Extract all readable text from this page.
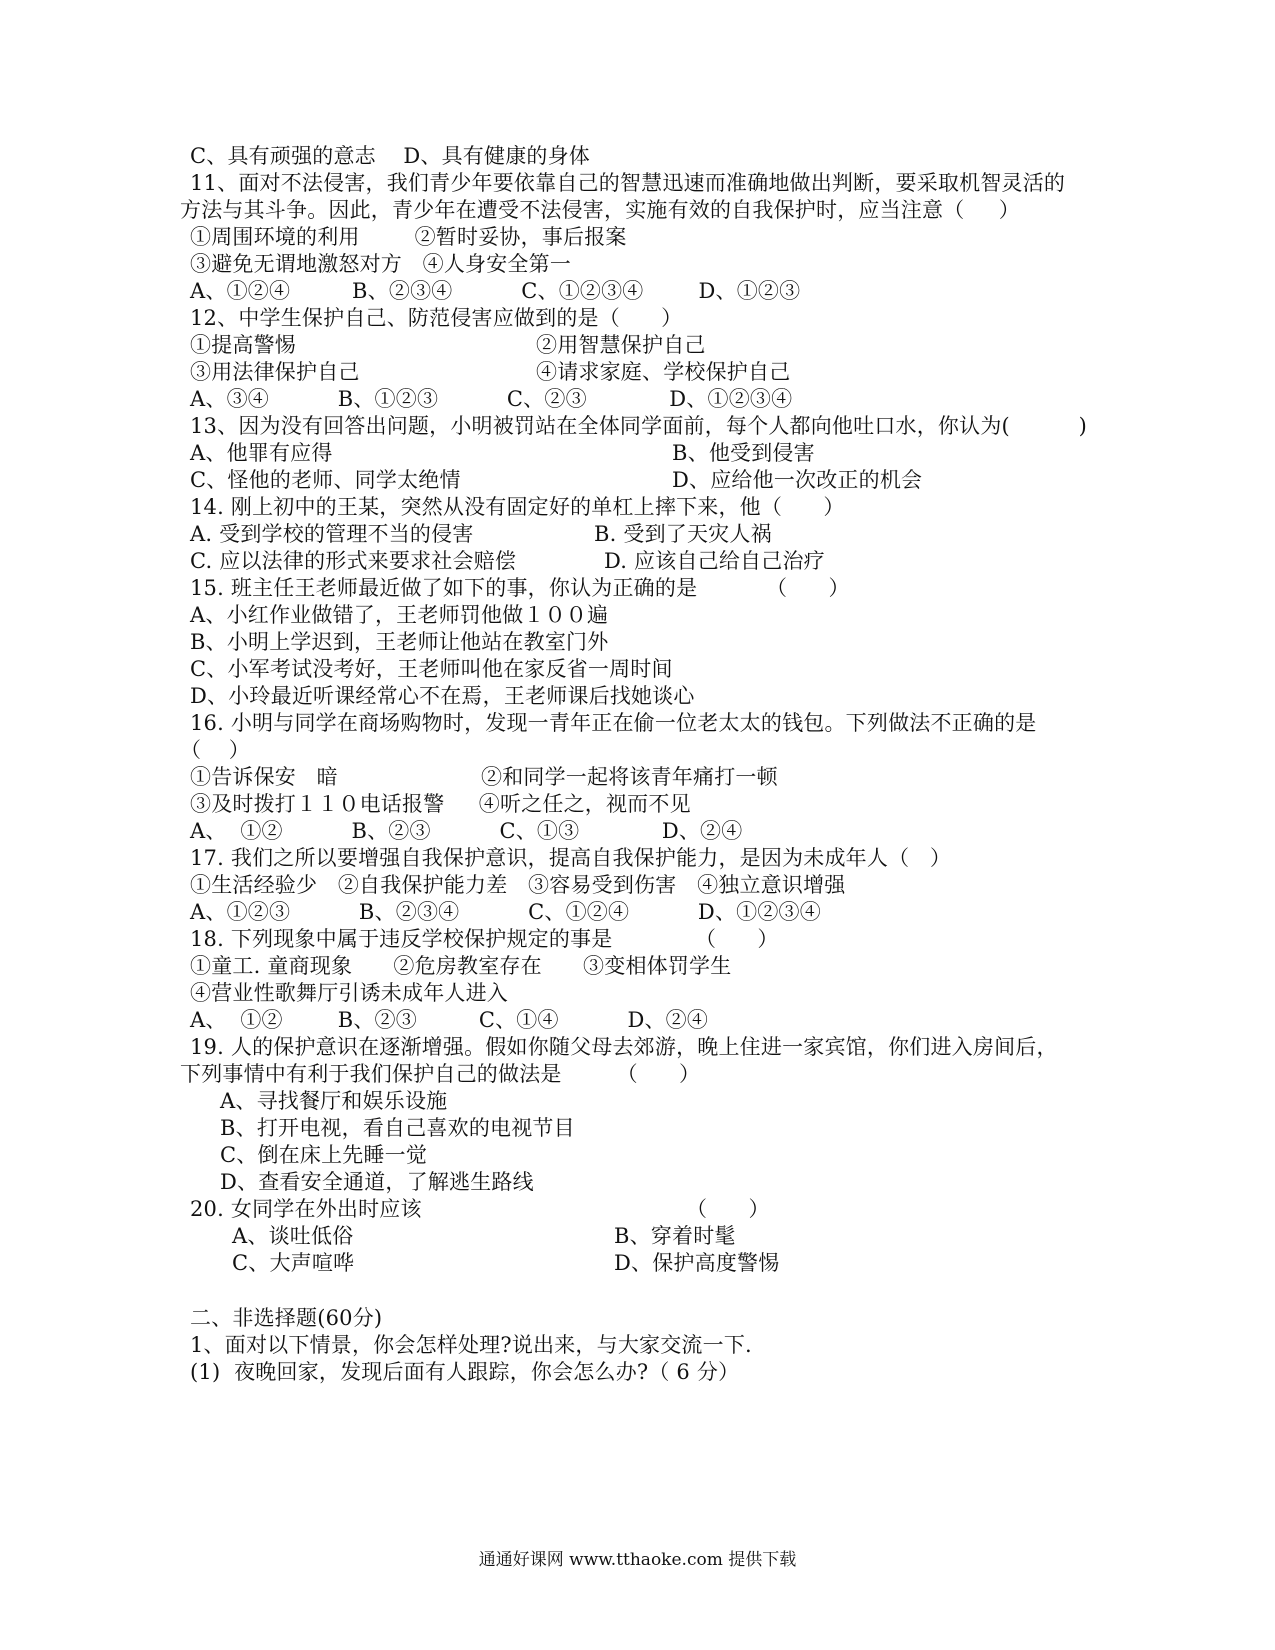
C、具有顽强的意志    D、具有健康的身体
11、面对不法侵害，我们青少年要依靠自己的智慧迅速而准确地做出判断，要采取机智灵活的
方法与其斗争。因此，青少年在遭受不法侵害，实施有效的自我保护时，应当注意（     ）
①周围环境的利用        ②暂时妥协，事后报案
③避免无谓地激怒对方   ④人身安全第一
A、①②④         B、②③④          C、①②③④        D、①②③
12、中学生保护自己、防范侵害应做到的是（      ）
①提高警惕	②用智慧保护自己
③用法律保护自己	④请求家庭、学校保护自己
A、③④          B、①②③          C、②③            D、①②③④
13、因为没有回答出问题，小明被罚站在全体同学面前，每个人都向他吐口水，你认为(          )
A、他罪有应得	B、他受到侵害
C、怪他的老师、同学太绝情	D、应给他一次改正的机会
14. 刚上初中的王某，突然从没有固定好的单杠上摔下来，他（      ）
A. 受到学校的管理不当的侵害	B. 受到了天灾人祸
C. 应以法律的形式来要求社会赔偿	D. 应该自己给自己治疗
15. 班主任王老师最近做了如下的事，你认为正确的是          （      ）
A、小红作业做错了，王老师罚他做１００遍
B、小明上学迟到，王老师让他站在教室门外
C、小军考试没考好，王老师叫他在家反省一周时间
D、小玲最近听课经常心不在焉，王老师课后找她谈心
16. 小明与同学在商场购物时，发现一青年正在偷一位老太太的钱包。下列做法不正确的是
（    ）
①告诉保安   暗	②和同学一起将该青年痛打一顿
③及时拨打１１０电话报警     ④听之任之，视而不见
A、  ①②          B、②③          C、①③            D、②④
17. 我们之所以要增强自我保护意识，提高自我保护能力，是因为未成年人（   ）
①生活经验少   ②自我保护能力差   ③容易受到伤害   ④独立意识增强
A、①②③          B、②③④          C、①②④          D、①②③④
18. 下列现象中属于违反学校保护规定的事是            （      ）
①童工. 童商现象      ②危房教室存在      ③变相体罚学生
④营业性歌舞厅引诱未成年人进入
A、  ①②        B、②③         C、①④          D、②④
19. 人的保护意识在逐渐增强。假如你随父母去郊游，晚上住进一家宾馆，你们进入房间后，
下列事情中有利于我们保护自己的做法是        （      ）
A、寻找餐厅和娱乐设施
B、打开电视，看自己喜欢的电视节目
C、倒在床上先睡一觉
D、查看安全通道，了解逃生路线
20. 女同学在外出时应该	（      ）
A、谈吐低俗	B、穿着时髦
C、大声喧哗	D、保护高度警惕
二、非选择题(60分)
1、面对以下情景，你会怎样处理?说出来，与大家交流一下.
(1)  夜晚回家，发现后面有人跟踪，你会怎么办?（ 6 分）
通通好课网 www.tthaoke.com 提供下载
